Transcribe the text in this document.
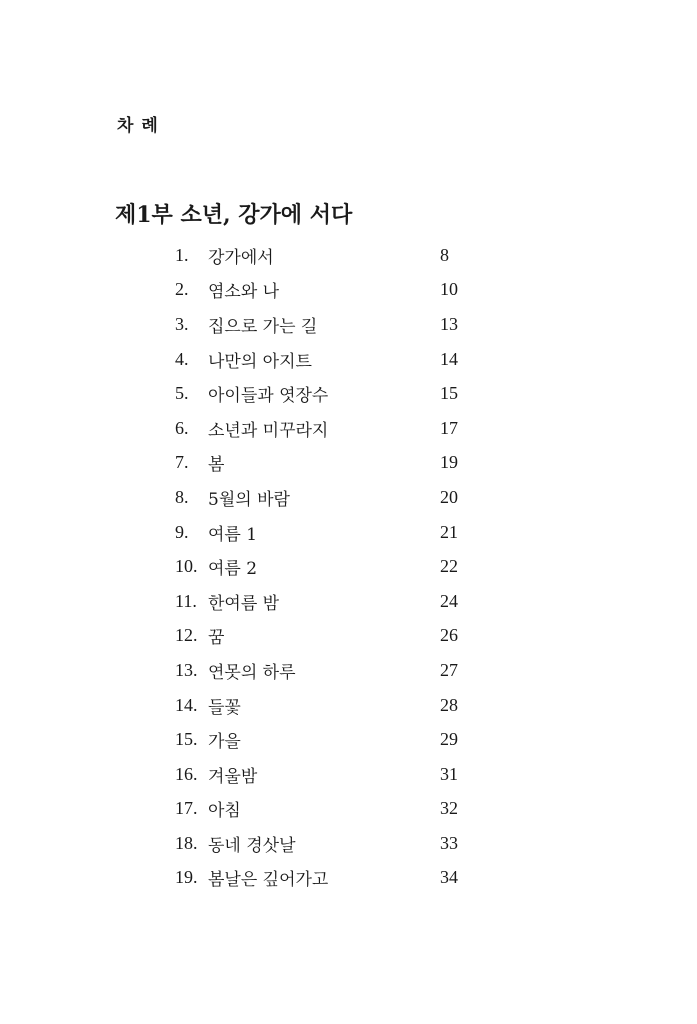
차 례
제1부 소년, 강가에 서다
1.	강가에서	8
2.	염소와 나	10
3.	집으로 가는 길	13
4.	나만의 아지트	14
5.	아이들과 엿장수	15
6.	소년과 미꾸라지	17
7.	봄	19
8.	5월의 바람	20
9.	여름 1	21
10. 여름 2	22
11. 한여름 밤	24
12. 꿈	26
13. 연못의 하루	27
14. 들꽃	28
15. 가을	29
16. 겨울밤	31
17. 아침	32
18. 동네 경삿날	33
19. 봄날은 깊어가고	34
